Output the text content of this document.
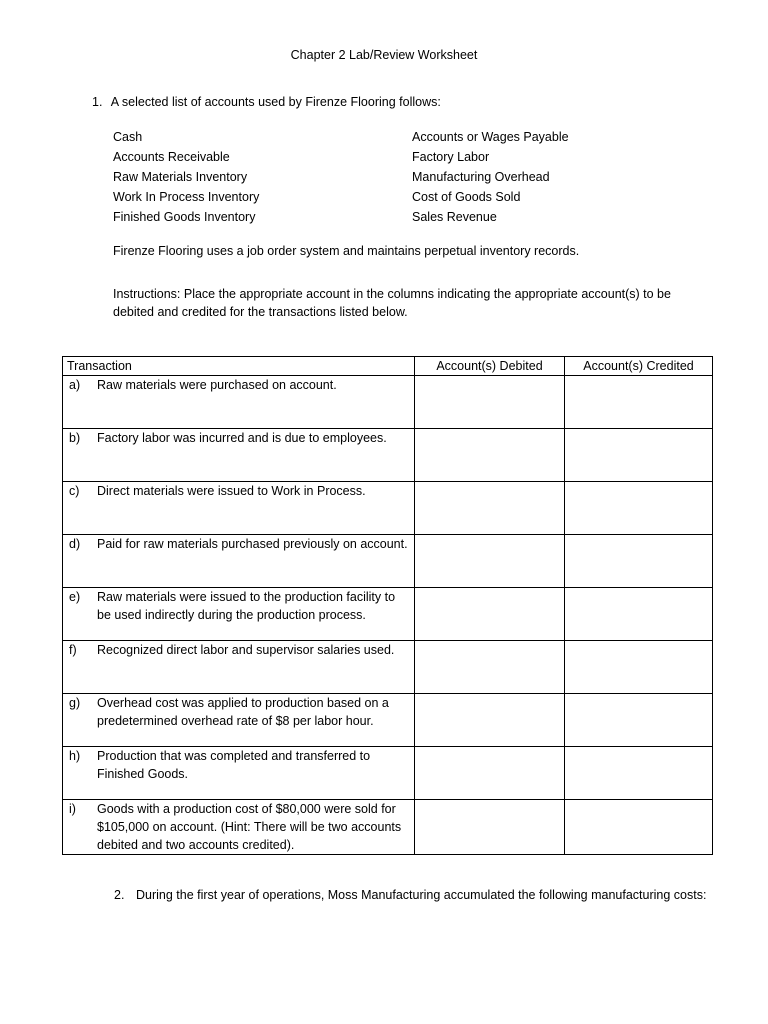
Chapter 2 Lab/Review Worksheet
1. A selected list of accounts used by Firenze Flooring follows:
Cash
Accounts Receivable
Raw Materials Inventory
Work In Process Inventory
Finished Goods Inventory
Accounts or Wages Payable
Factory Labor
Manufacturing Overhead
Cost of Goods Sold
Sales Revenue
Firenze Flooring uses a job order system and maintains perpetual inventory records.
Instructions: Place the appropriate account in the columns indicating the appropriate account(s) to be debited and credited for the transactions listed below.
Transaction	Account(s) Debited	Account(s) Credited

a) Raw materials were purchased on account.		

b) Factory labor was incurred and is due to employees.		

c) Direct materials were issued to Work in Process.		

d) Paid for raw materials purchased previously on account.		

e) Raw materials were issued to the production facility to be used indirectly during the production process.		

f) Recognized direct labor and supervisor salaries used.		

g) Overhead cost was applied to production based on a predetermined overhead rate of $8 per labor hour.		

h) Production that was completed and transferred to Finished Goods.		

i) Goods with a production cost of $80,000 were sold for $105,000 on account. (Hint: There will be two accounts debited and two accounts credited).		

2. During the first year of operations, Moss Manufacturing accumulated the following manufacturing costs:
